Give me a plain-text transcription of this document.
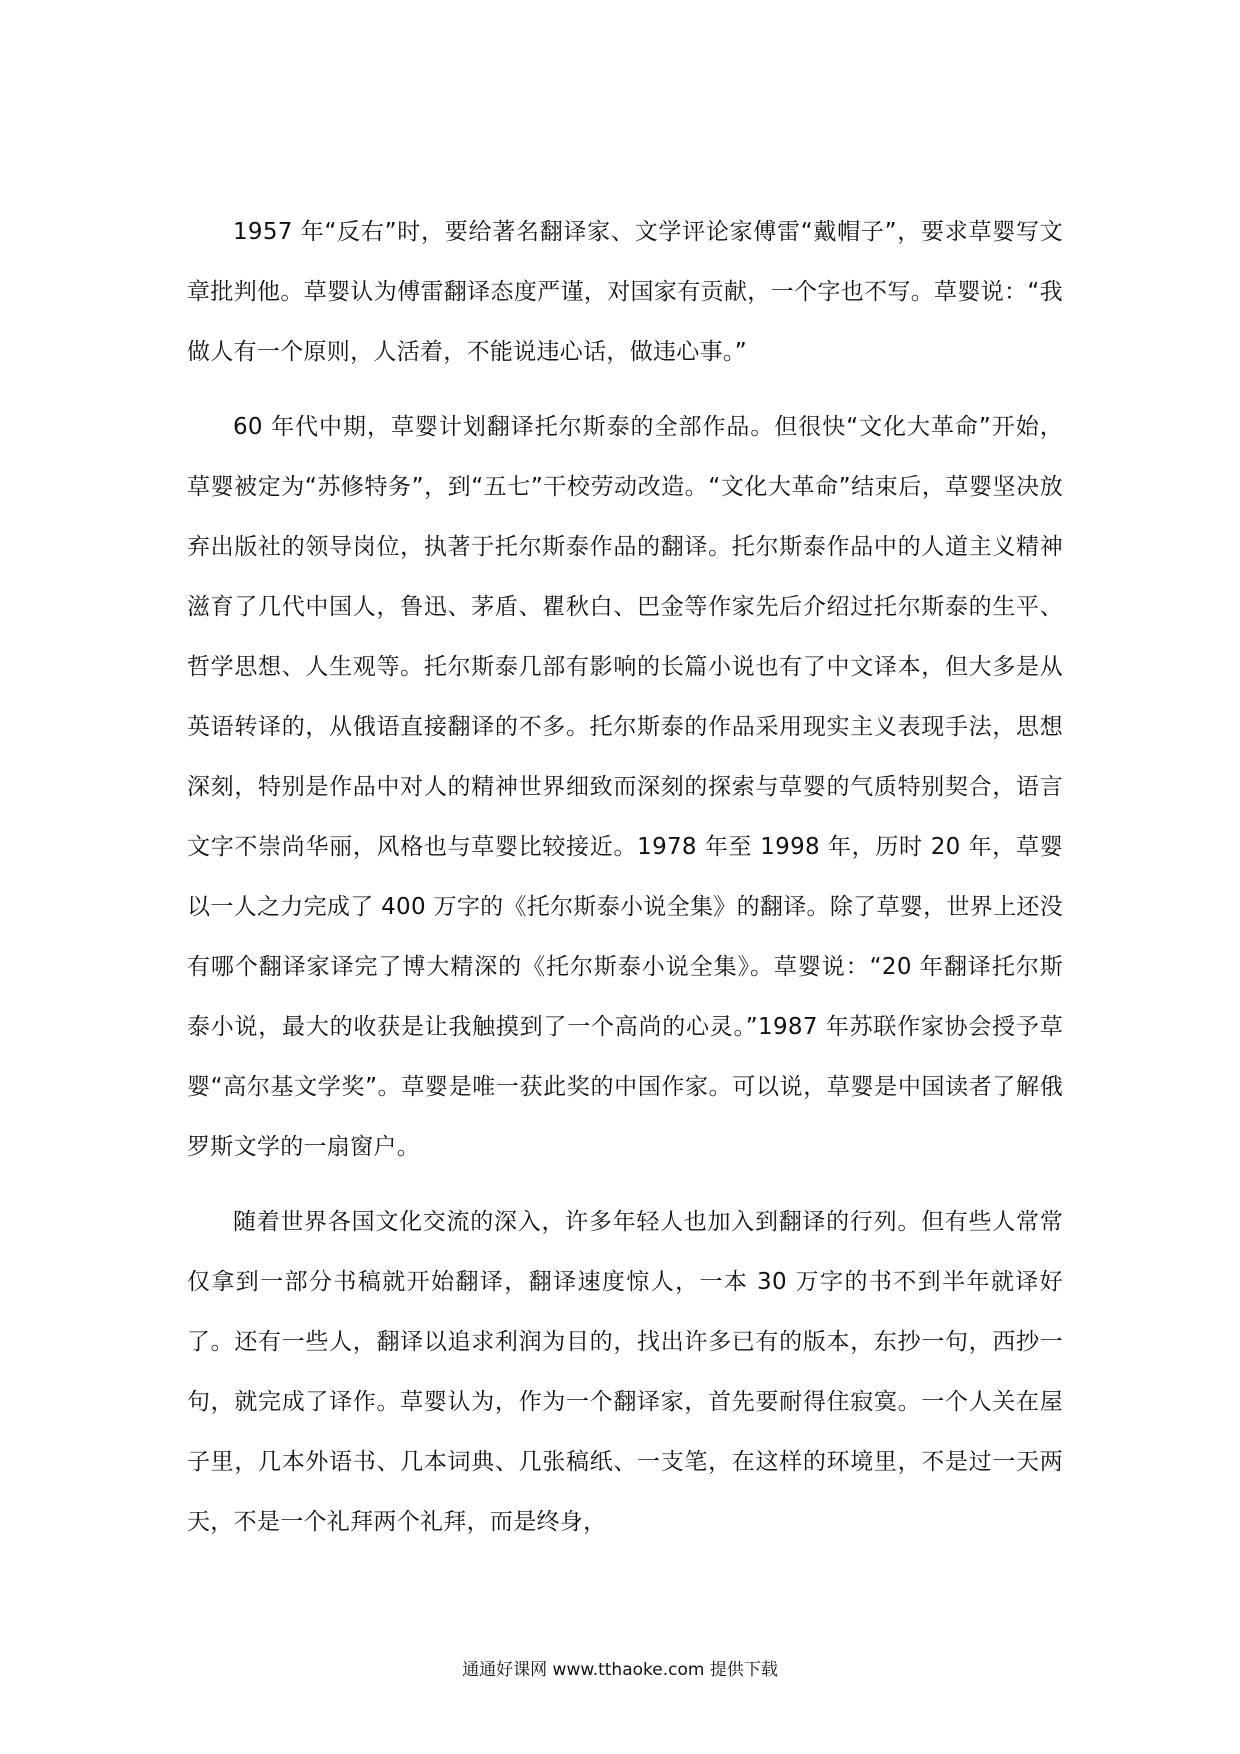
1957 年“反右”时，要给著名翻译家、文学评论家傅雷“戴帽子”，要求草婴写文章批判他。草婴认为傅雷翻译态度严谨，对国家有贡献，一个字也不写。草婴说：“我做人有一个原则，人活着，不能说违心话，做违心事。”

60 年代中期，草婴计划翻译托尔斯泰的全部作品。但很快“文化大革命”开始，草婴被定为“苏修特务”，到“五七”干校劳动改造。“文化大革命”结束后，草婴坚决放弃出版社的领导岗位，执著于托尔斯泰作品的翻译。托尔斯泰作品中的人道主义精神滋育了几代中国人，鲁迅、茅盾、瞿秋白、巴金等作家先后介绍过托尔斯泰的生平、哲学思想、人生观等。托尔斯泰几部有影响的长篇小说也有了中文译本，但大多是从英语转译的，从俄语直接翻译的不多。托尔斯泰的作品采用现实主义表现手法，思想深刻，特别是作品中对人的精神世界细致而深刻的探索与草婴的气质特别契合，语言文字不崇尚华丽，风格也与草婴比较接近。1978 年至 1998 年，历时 20 年，草婴以一人之力完成了 400 万字的《托尔斯泰小说全集》的翻译。除了草婴，世界上还没有哪个翻译家译完了博大精深的《托尔斯泰小说全集》。草婴说：“20 年翻译托尔斯泰小说，最大的收获是让我触摸到了一个高尚的心灵。”1987 年苏联作家协会授予草婴“高尔基文学奖”。草婴是唯一获此奖的中国作家。可以说，草婴是中国读者了解俄罗斯文学的一扇窗户。

随着世界各国文化交流的深入，许多年轻人也加入到翻译的行列。但有些人常常仅拿到一部分书稿就开始翻译，翻译速度惊人，一本 30 万字的书不到半年就译好了。还有一些人，翻译以追求利润为目的，找出许多已有的版本，东抄一句，西抄一句，就完成了译作。草婴认为，作为一个翻译家，首先要耐得住寂寞。一个人关在屋子里，几本外语书、几本词典、几张稿纸、一支笔，在这样的环境里，不是过一天两天，不是一个礼拜两个礼拜，而是终身，

通通好课网 www.tthaoke.com 提供下载
